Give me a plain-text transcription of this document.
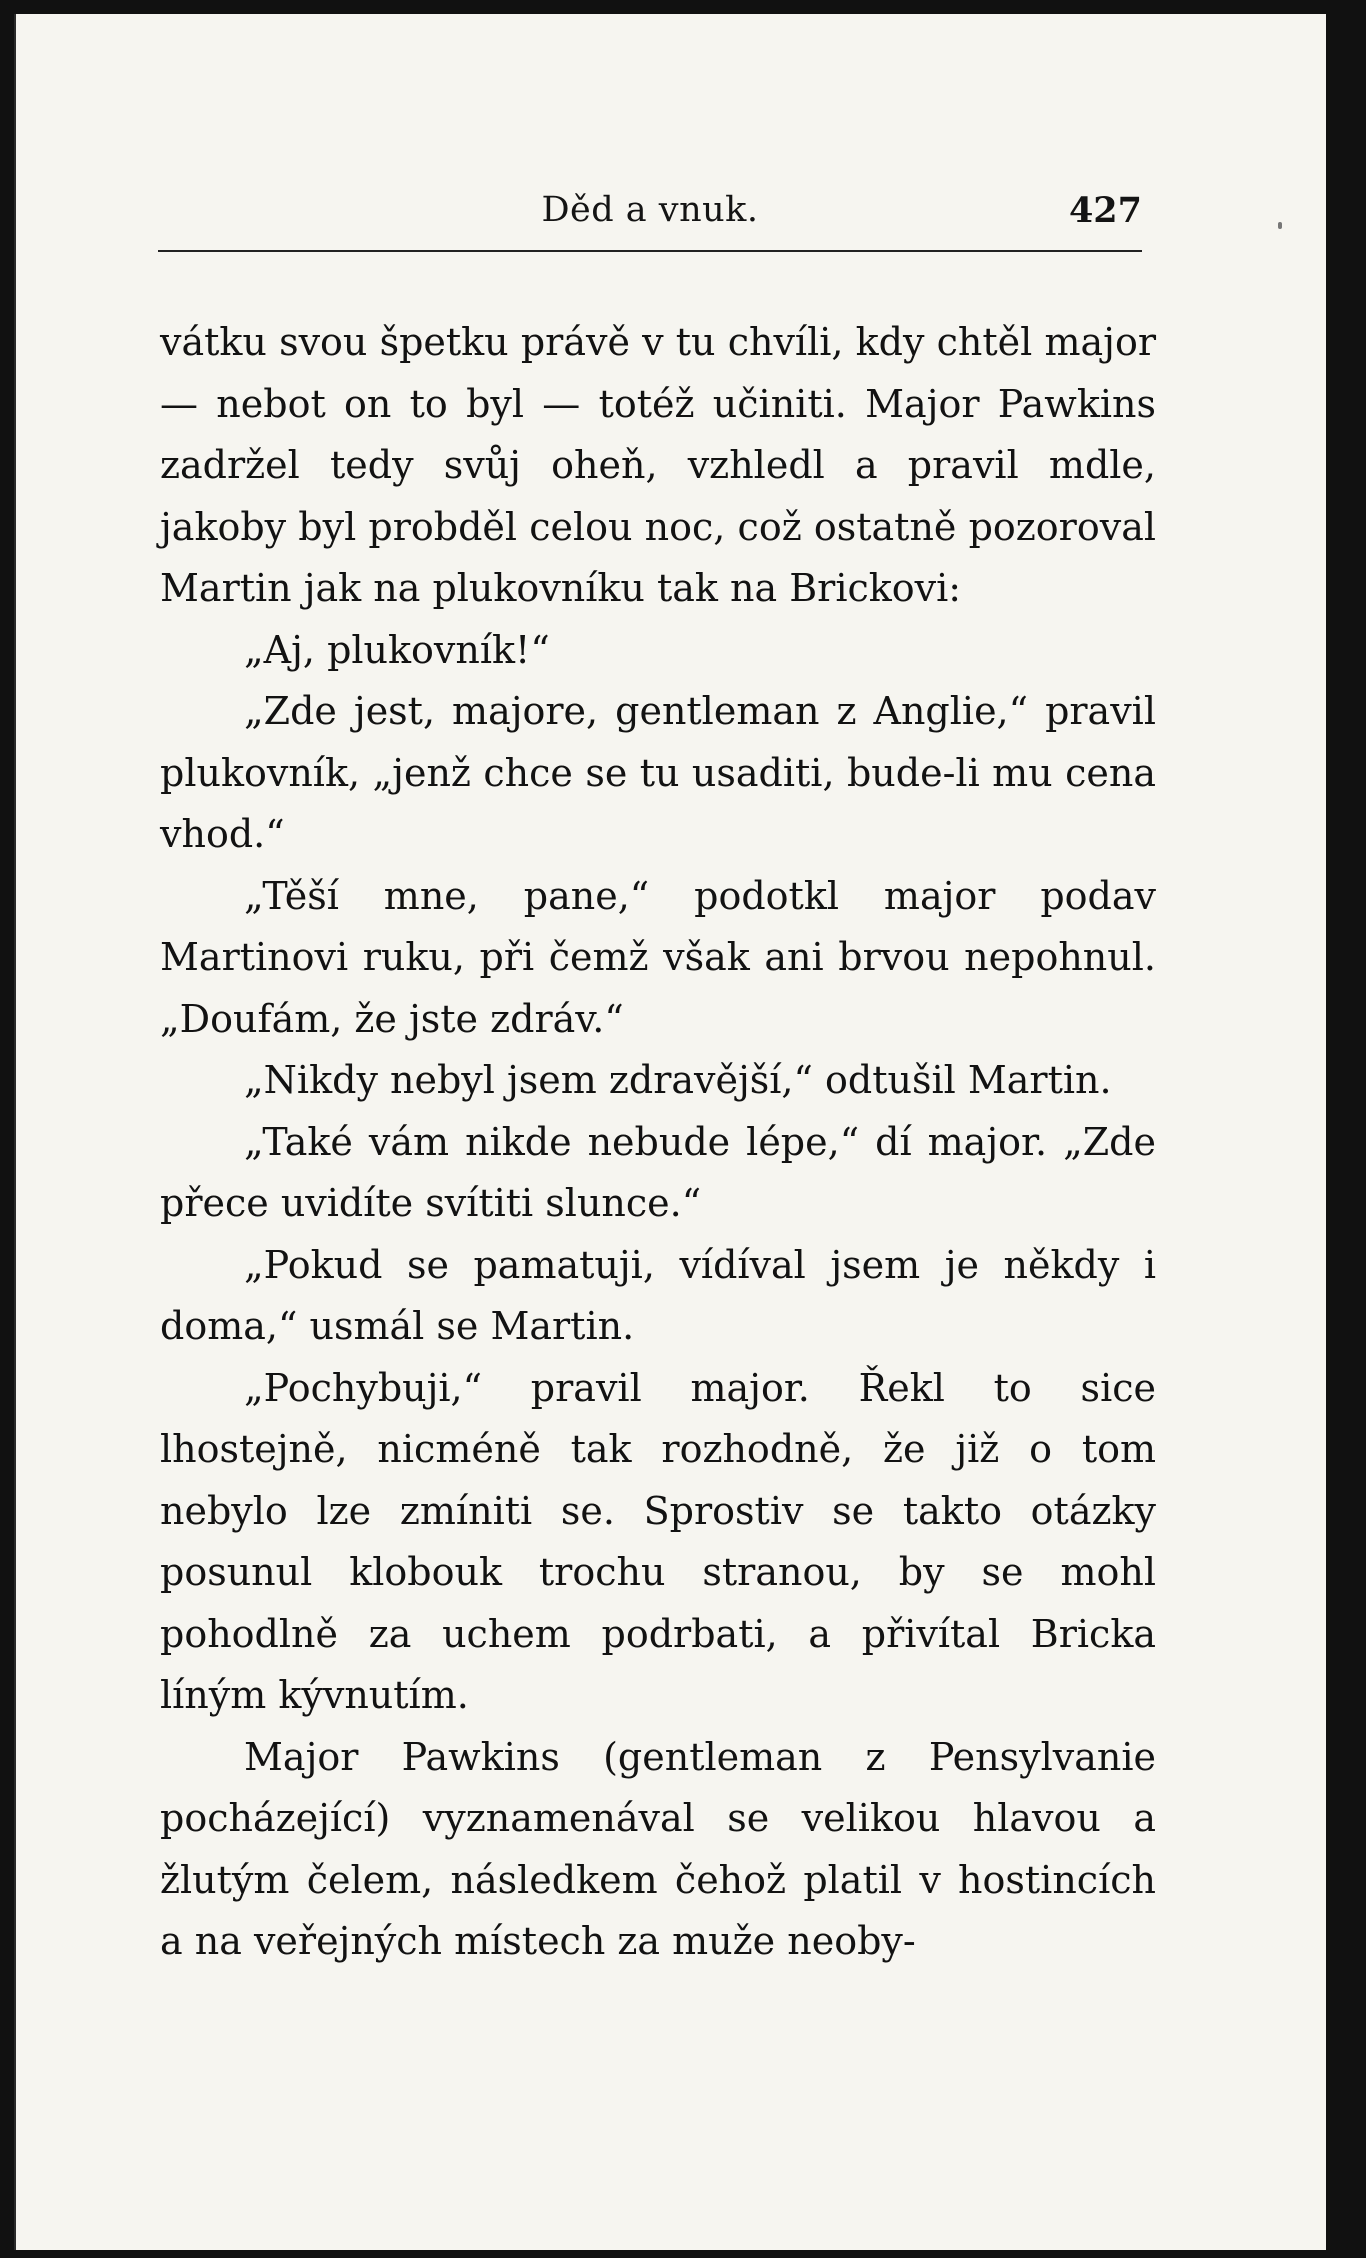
Děd a vnuk.	427

vátku svou špetku právě v tu chvíli, kdy chtěl major — nebot on to byl — totéž učiniti. Major Pawkins zadržel tedy svůj oheň, vzhledl a pravil mdle, jakoby byl probděl celou noc, což ostatně pozoroval Martin jak na plukovníku tak na Brickovi:

„Aj, plukovník!“

„Zde jest, majore, gentleman z Anglie,“ pravil plukovník, „jenž chce se tu usaditi, bude-li mu cena vhod.“

„Těší mne, pane,“ podotkl major podav Martinovi ruku, při čemž však ani brvou nepohnul. „Doufám, že jste zdráv.“

„Nikdy nebyl jsem zdravější,“ odtušil Martin.

„Také vám nikde nebude lépe,“ dí major. „Zde přece uvidíte svítiti slunce.“

„Pokud se pamatuji, vídíval jsem je někdy i doma,“ usmál se Martin.

„Pochybuji,“ pravil major. Řekl to sice lhostejně, nicméně tak rozhodně, že již o tom nebylo lze zmíniti se. Sprostiv se takto otázky posunul klobouk trochu stranou, by se mohl pohodlně za uchem podrbati, a přivítal Bricka líným kývnutím.

Major Pawkins (gentleman z Pensylvanie pocházející) vyznamenával se velikou hlavou a žlutým čelem, následkem čehož platil v hostincích a na veřejných místech za muže neoby-
